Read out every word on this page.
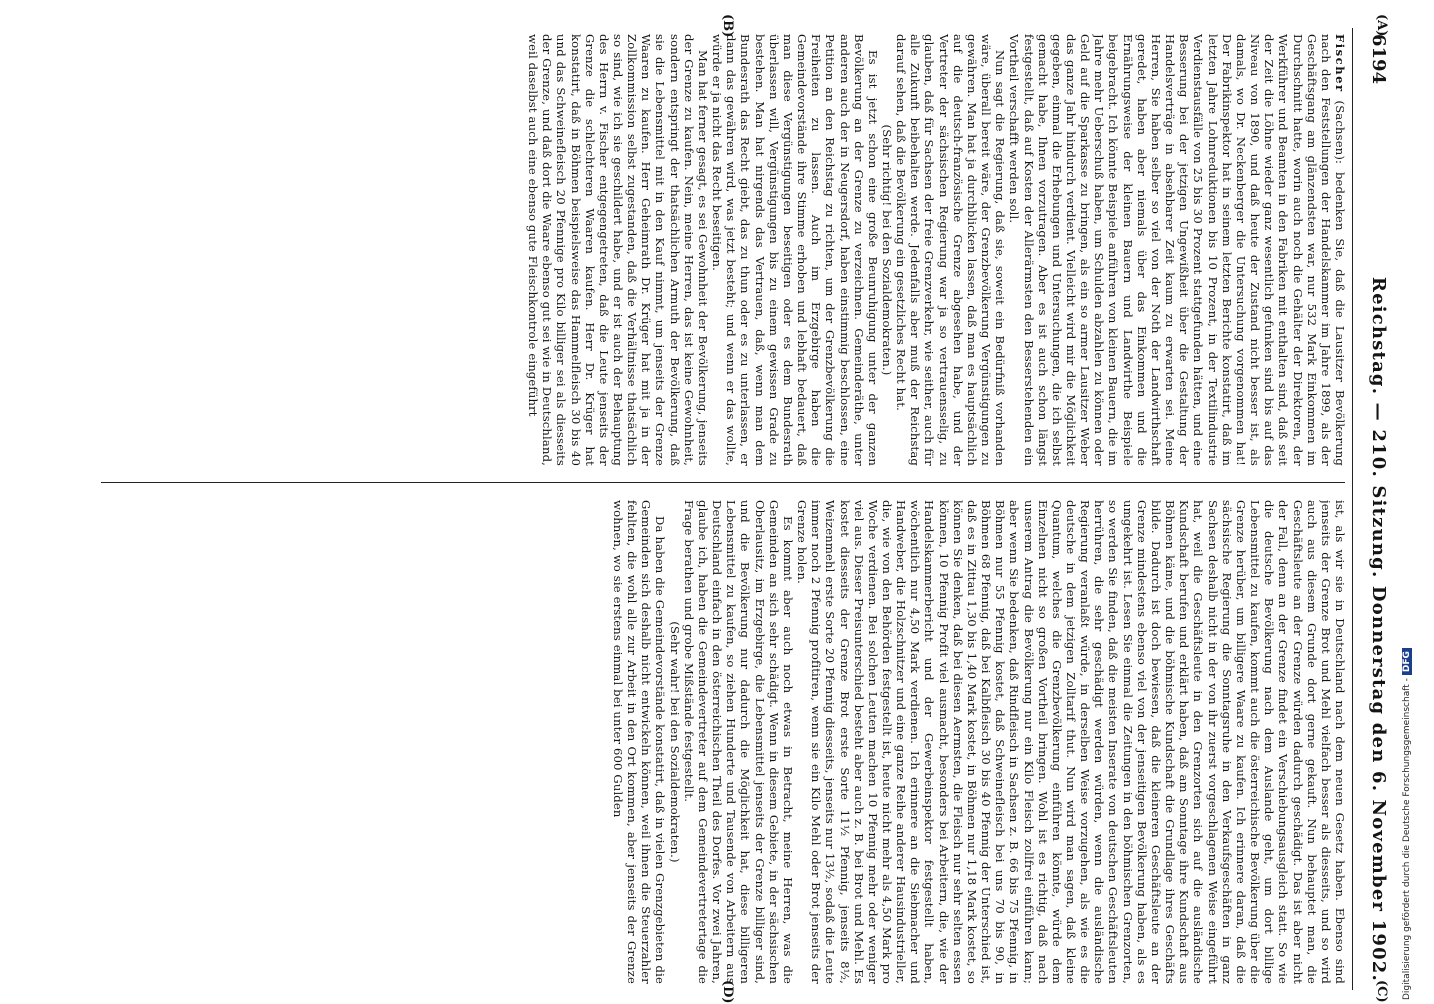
6194
Reichstag. — 210. Sitzung. Donnerstag den 6. November 1902.

Fischer (Sachsen): bedenken Sie, daß die Lausitzer Bevölkerung nach den Feststellungen der Handelskammer im Jahre 1899, als der Geschäftsgang am glänzendsten war, nur 532 Mark Einkommen im Durchschnitt hatte, worin auch noch die Gehälter der Direktoren, der Werkführer und Beamten in den Fabriken mit enthalten sind, daß seit der Zeit die Löhne wieder ganz wesentlich gefunken sind bis auf das Niveau von 1890, und daß heute der Zustand nicht besser ist, als damals, wo Dr. Neckenberger die Untersuchung vorgenommen hat! Der Fabrikinspektor hat in seinem letzten Berichte konstatirt, daß im letzten Jahre Lohnreduktionen bis 10 Prozent, in der Textilindustrie Verdienstausfälle von 25 bis 30 Prozent stattgefunden hätten, und eine Besserung bei der jetzigen Ungewißheit über die Gestaltung der Handelsverträge in absehbarer Zeit kaum zu erwarten sei. Meine Herren, Sie haben selber so viel von der Noth der Landwirthschaft geredet, haben aber niemals über das Einkommen und die Ernährungsweise der kleinen Bauern und Landwirthe Beispiele beigebracht. Ich könnte Beispiele anführen von kleinen Bauern, die im Jahre mehr Ueberschuß haben, um Schulden abzahlen zu können oder Geld auf die Sparkasse zu bringen, als ein so armer Lausitzer Weber das ganze Jahr hindurch verdient. Vielleicht wird mir die Möglichkeit gegeben, einmal die Erhebungen und Untersuchungen, die ich selbst gemacht habe, Ihnen vorzutragen. Aber es ist auch schon längst festgestellt, daß auf Kosten der Allerärmsten den Besserstehenden ein Vortheil verschafft werden soll.

Nun sagt die Regierung, daß sie, soweit ein Bedürfniß vorhanden wäre, überall bereit wäre, der Grenzbevölkerung Vergünstigungen zu gewähren. Man hat ja durchblicken lassen, daß man es hauptsächlich auf die deutsch-französische Grenze abgesehen habe, und der Vertreter der sächsischen Regierung war ja so vertrauensselig, zu glauben, daß für Sachsen der freie Grenzverkehr, wie seither, auch für alle Zukunft beibehalten werde. Jedenfalls aber muß der Reichstag darauf sehen, daß die Bevölkerung ein gesetzliches Recht hat.

(Sehr richtig! bei den Sozialdemokraten.)

Es ist jetzt schon eine große Beunruhigung unter der ganzen Bevölkerung an der Grenze zu verzeichnen. Gemeinderäthe, unter anderen auch der in Neugersdorf, haben einstimmig beschlossen, eine Petition an den Reichstag zu richten, um der Grenzbevölkerung die Freiheiten zu lassen. Auch im Erzgebirge haben die Gemeindevorstände ihre Stimme erhoben und lebhaft bedauert, daß man diese Vergünstigungen beseitigen oder es dem Bundesrath überlassen will, Vergünstigungen bis zu einem gewissen Grade zu bestehen. Man hat nirgends das Vertrauen, daß, wenn man dem Bundesrath das Recht giebt, das zu thun oder es zu unterlassen, er dann das gewähren wird, was jetzt besteht; und wenn er das wollte, würde er ja nicht das Recht beseitigen.

Man hat ferner gesagt, es sei Gewohnheit der Bevölkerung, jenseits der Grenze zu kaufen. Nein, meine Herren, das ist keine Gewohnheit, sondern entspringt der thatsächlichen Armuth der Bevölkerung, daß sie die Lebensmittel mit in den Kauf nimmt, um jenseits der Grenze Waaren zu kaufen. Herr Geheimrath Dr. Krüger hat mit ja in der Zollkommission selbst zugestanden, daß die Verhältnisse thatsächlich so sind, wie ich sie geschildert habe, und er ist auch der Behauptung des Herrn v. Fischer entgegengetreten, daß die Leute jenseits der Grenze die schlechteren Waaren kaufen. Herr Dr. Krüger hat konstatirt, daß in Böhmen beispielsweise das Hammelfleisch 30 bis 40 und das Schweinefleisch 20 Pfennige pro Kilo billiger sei als diesseits der Grenze, und daß dort die Waare ebenso gut sei wie in Deutschland, weil daselbst auch eine ebenso gute Fleischkontrole eingeführt

ist, als wir sie in Deutschland nach dem neuen Gesetz haben. Ebenso sind jenseits der Grenze Brot und Mehl vielfach besser als diesseits, und so wird auch aus diesem Grunde dort gerne gekauft. Nun behauptet man, die Geschäftsleute an der Grenze würden dadurch geschädigt. Das ist aber nicht der Fall, denn an der Grenze findet ein Verschiebungsausgleich statt. So wie die deutsche Bevölkerung nach dem Auslande geht, um dort billige Lebensmittel zu kaufen, kommt auch die österreichische Bevölkerung über die Grenze herüber, um billigere Waare zu kaufen. Ich erinnere daran, daß die sächsische Regierung die Sonntagsruhe in den Verkaufsgeschäften in ganz Sachsen deshalb nicht in der von ihr zuerst vorgeschlagenen Weise eingeführt hat, weil die Geschäftsleute in den Grenzorten sich auf die ausländische Kundschaft berufen und erklärt haben, daß am Sonntage ihre Kundschaft aus Böhmen käme, und die böhmische Kundschaft die Grundlage ihres Geschäfts bilde. Dadurch ist doch bewiesen, daß die kleineren Geschäftsleute an der Grenze mindestens ebenso viel von der jenseitigen Bevölkerung haben, als es umgekehrt ist. Lesen Sie einmal die Zeitungen in den böhmischen Grenzorten, so werden Sie finden, daß die meisten Inserate von deutschen Geschäftsleuten herrühren, die sehr geschädigt werden würden, wenn die ausländische Regierung veranlaßt würde, in derselben Weise vorzugehen, als wie es die deutsche in dem jetzigen Zolltarif thut. Nun wird man sagen, daß kleine Quantum, welches die Grenzbevölkerung einführen könnte, würde dem Einzelnen nicht so großen Vortheil bringen. Wohl ist es richtig, daß nach unserem Antrag die Bevölkerung nur ein Kilo Fleisch zollfrei einführen kann; aber wenn Sie bedenken, daß Rindfleisch in Sachsen z. B. 66 bis 75 Pfennig, in Böhmen nur 55 Pfennig kostet, daß Schweinefleisch bei uns 70 bis 90, in Böhmen 68 Pfennig, daß bei Kalbfleisch 30 bis 40 Pfennig der Unterschied ist, daß es in Zittau 1,30 bis 1,40 Mark kostet, in Böhmen nur 1,18 Mark kostet, so können Sie denken, daß bei diesen Aermsten, die Fleisch nur sehr selten essen können, 10 Pfennig Profit viel ausmacht, besonders bei Arbeitern, die, wie der Handelskammerbericht und der Gewerbeinspektor festgestellt haben, wöchentlich nur 4,50 Mark verdienen. Ich erinnere an die Siebmacher und Handweber, die Holzschnitzer und eine ganze Reihe anderer Hausindustrieller, die, wie von den Behörden festgestellt ist, heute nicht mehr als 4,50 Mark pro Woche verdienen. Bei solchen Leuten machen 10 Pfennig mehr oder weniger viel aus. Dieser Preisunterschied besteht aber auch z. B. bei Brot und Mehl. Es kostet diesseits der Grenze Brot erste Sorte 11½ Pfennig, jenseits 8½, Weizenmehl erste Sorte 20 Pfennig diesseits, jenseits nur 13½, sodaß die Leute immer noch 2 Pfennig profitiren, wenn sie ein Kilo Mehl oder Brot jenseits der Grenze holen.

Es kommt aber auch noch etwas in Betracht, meine Herren, was die Gemeinden an sich sehr schädigt. Wenn in diesem Gebiete, in der sächsischen Oberlausitz, im Erzgebirge, die Lebensmittel jenseits der Grenze billiger sind, und die Bevölkerung nur dadurch die Möglichkeit hat, diese billigeren Lebensmittel zu kaufen, so ziehen Hunderte und Tausende von Arbeitern aus Deutschland einfach in den österreichischen Theil des Dorfes. Vor zwei Jahren, glaube ich, haben die Gemeindevertreter auf dem Gemeindevertretertage die Frage berathen und grobe Mißstände festgestellt.

(Sehr wahr! bei den Sozialdemokraten.)

Da haben die Gemeindevorstände konstatirt, daß in vielen Grenzgebieten die Gemeinden sich deshalb nicht entwickeln können, weil ihnen die Steuerzahler fehlten, die wohl alle zur Arbeit in den Ort kommen, aber jenseits der Grenze wohnen, wo sie erstens einmal bei unter 600 Gulden

(A)
(B)
(C)
(D)	Digitalisierung gefördert durch die Deutsche Forschungsgemeinschaft -DFG
